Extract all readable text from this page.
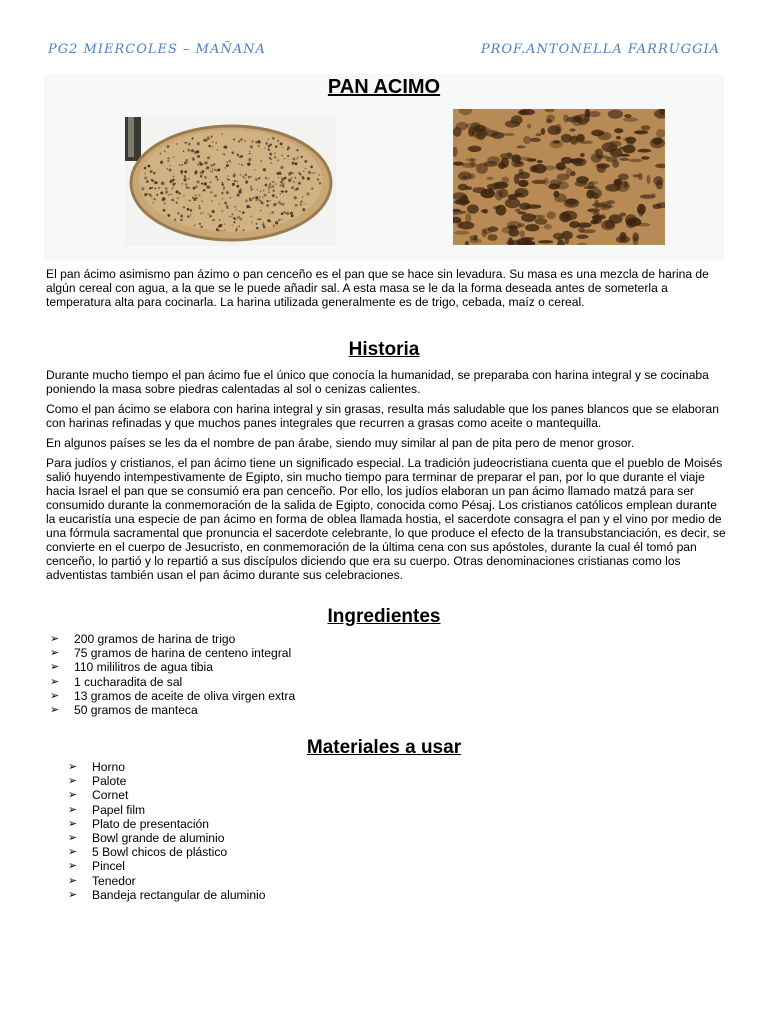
PG2 MIERCOLES – MAÑANA	PROF.ANTONELLA FARRUGGIA
PAN ACIMO

El pan ácimo asimismo pan ázimo o pan cenceño es el pan que se hace sin levadura. Su masa es una mezcla de harina de algún cereal con agua, a la que se le puede añadir sal. A esta masa se le da la forma deseada antes de someterla a temperatura alta para cocinarla. La harina utilizada generalmente es de trigo, cebada, maíz o cereal.

Historia

Durante mucho tiempo el pan ácimo fue el único que conocía la humanidad, se preparaba con harina integral y se cocinaba poniendo la masa sobre piedras calentadas al sol o cenizas calientes.

Como el pan ácimo se elabora con harina integral y sin grasas, resulta más saludable que los panes blancos que se elaboran con harinas refinadas y que muchos panes integrales que recurren a grasas como aceite o mantequilla.

En algunos países se les da el nombre de pan árabe, siendo muy similar al pan de pita pero de menor grosor.

Para judíos y cristianos, el pan ácimo tiene un significado especial. La tradición judeocristiana cuenta que el pueblo de Moisés salió huyendo intempestivamente de Egipto, sin mucho tiempo para terminar de preparar el pan, por lo que durante el viaje hacia Israel el pan que se consumió era pan cenceño. Por ello, los judíos elaboran un pan ácimo llamado matzá para ser consumido durante la conmemoración de la salida de Egipto, conocida como Pésaj. Los cristianos católicos emplean durante la eucaristía una especie de pan ácimo en forma de oblea llamada hostia, el sacerdote consagra el pan y el vino por medio de una fórmula sacramental que pronuncia el sacerdote celebrante, lo que produce el efecto de la transubstanciación, es decir, se convierte en el cuerpo de Jesucristo, en conmemoración de la última cena con sus apóstoles, durante la cual él tomó pan cenceño, lo partió y lo repartió a sus discípulos diciendo que era su cuerpo. Otras denominaciones cristianas como los adventistas también usan el pan ácimo durante sus celebraciones.

Ingredientes
➢ 200 gramos de harina de trigo
➢ 75 gramos de harina de centeno integral
➢ 110 mililitros de agua tibia
➢ 1 cucharadita de sal
➢ 13 gramos de aceite de oliva virgen extra
➢ 50 gramos de manteca
Materiales a usar
➢ Horno
➢ Palote
➢ Cornet
➢ Papel film
➢ Plato de presentación
➢ Bowl grande de aluminio
➢ 5 Bowl chicos de plástico
➢ Pincel
➢ Tenedor
➢ Bandeja rectangular de aluminio
